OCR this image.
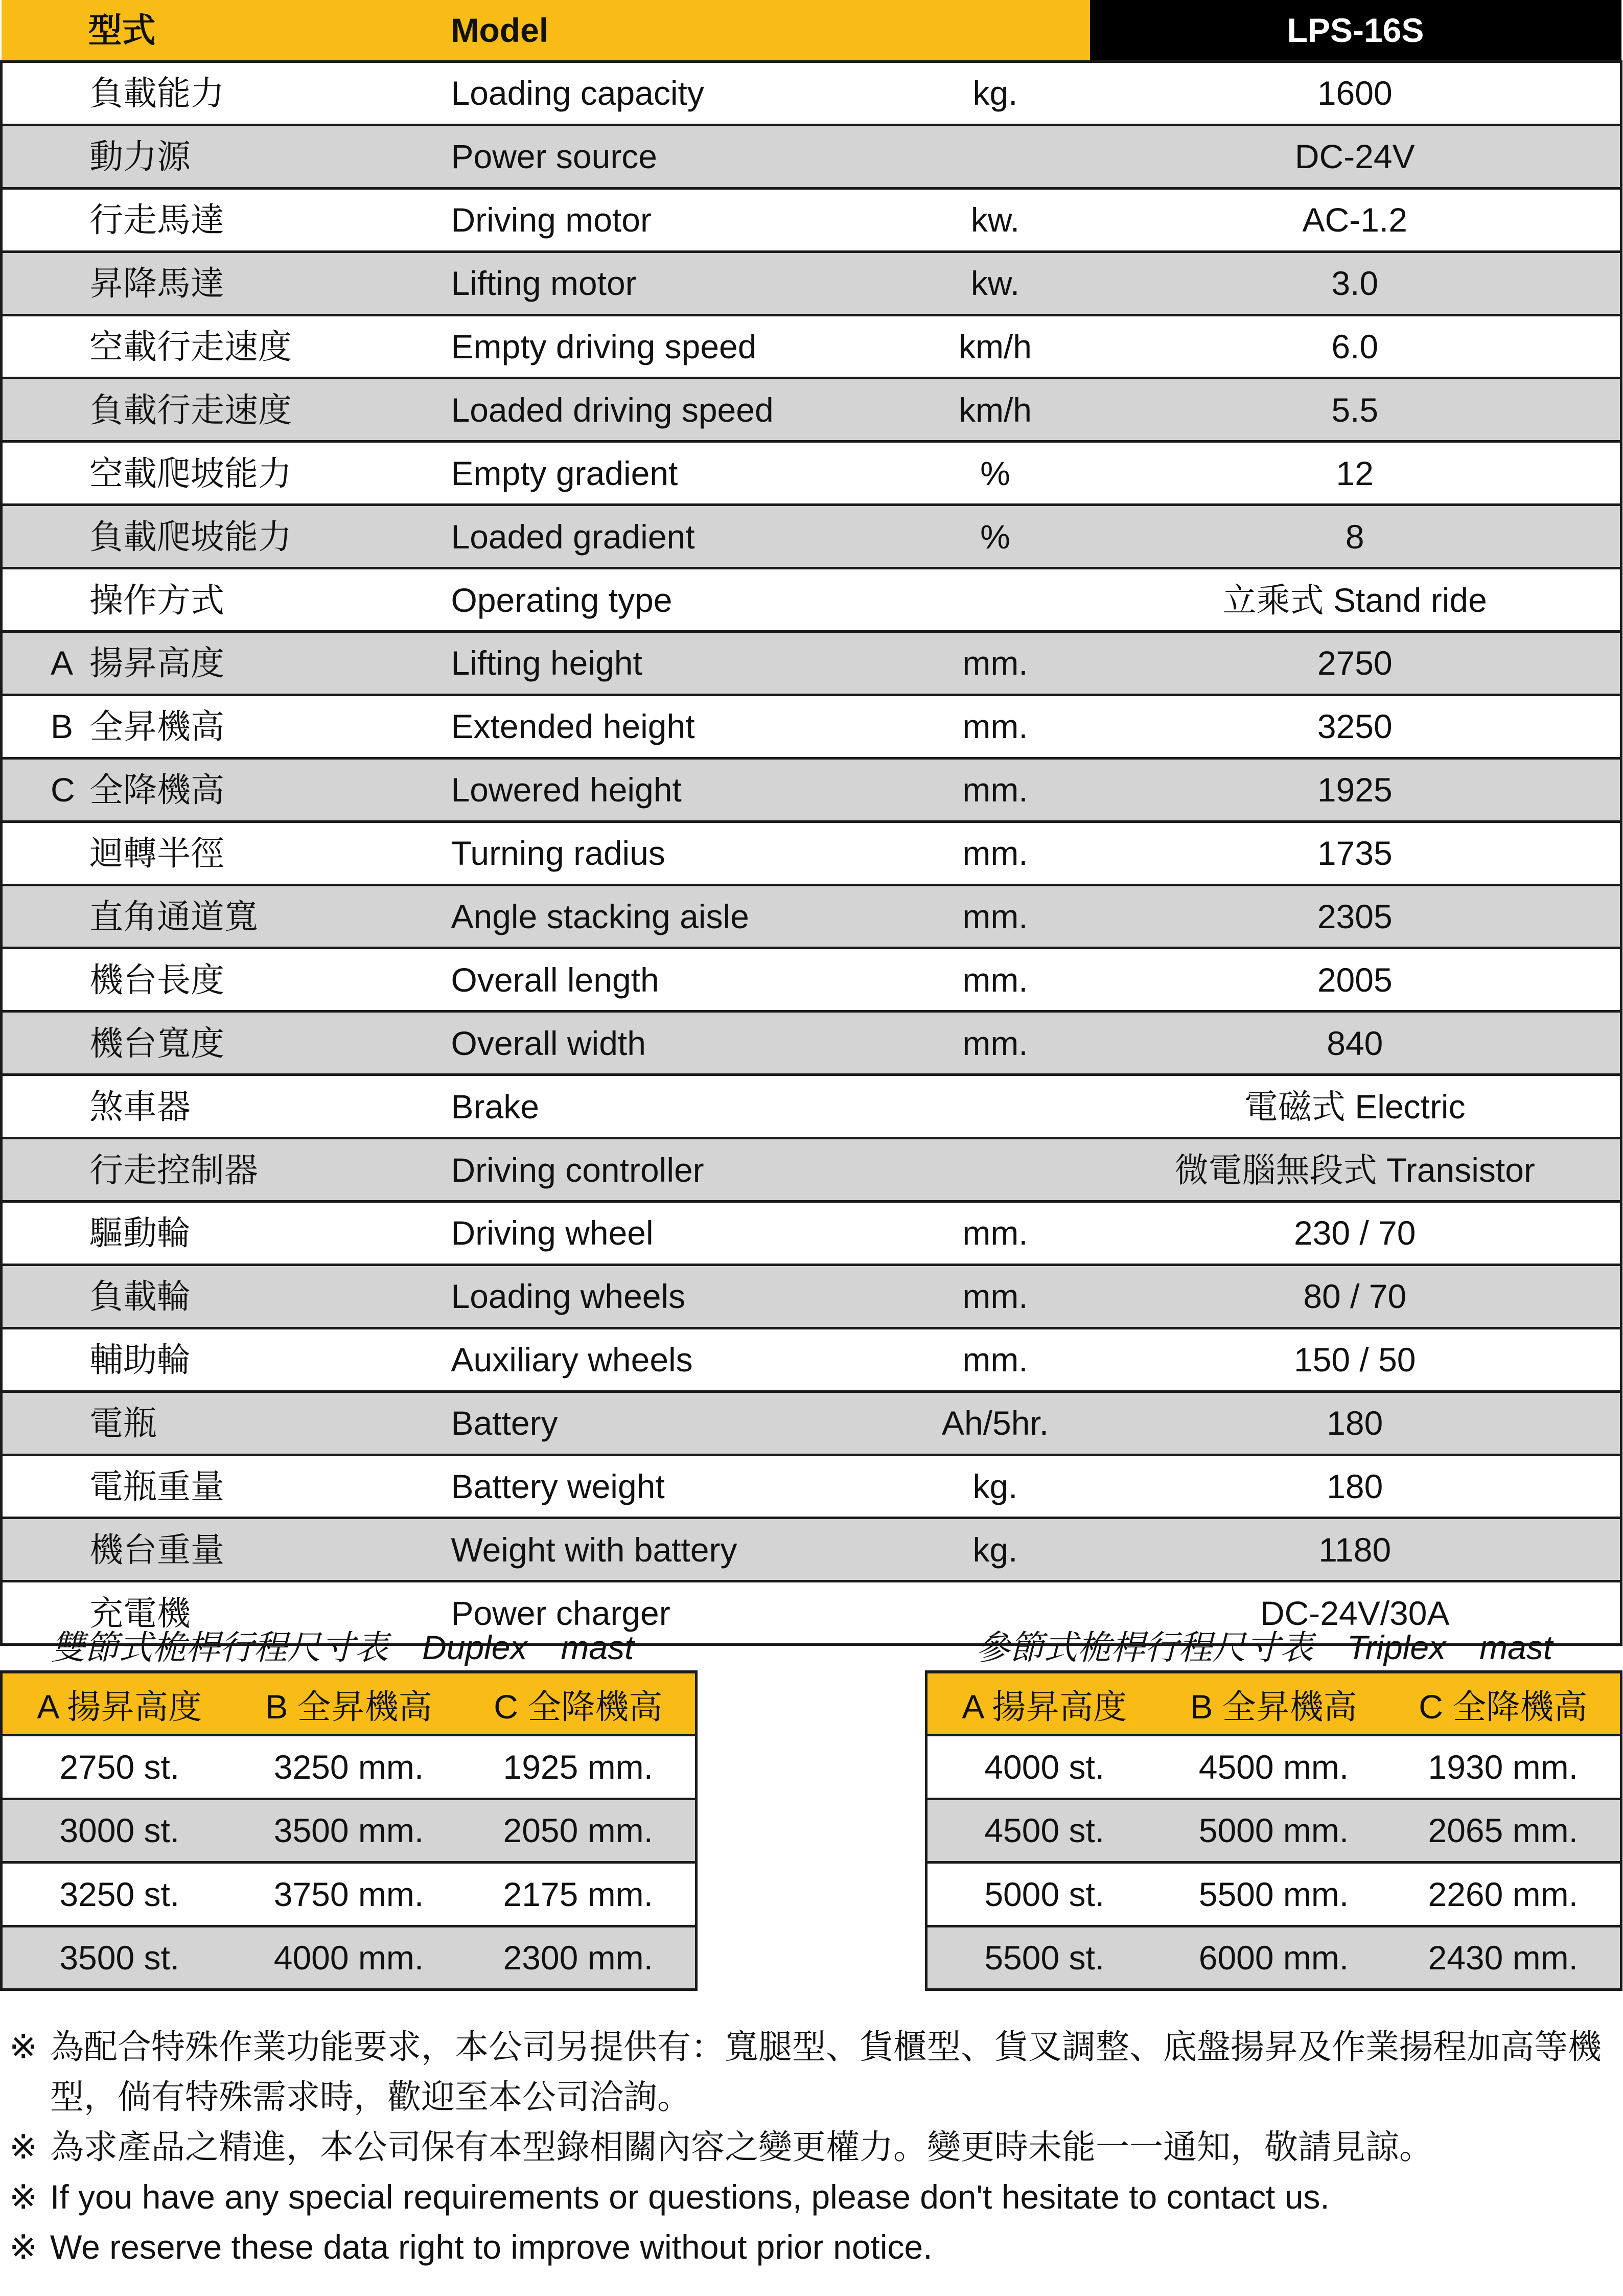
型式	Model		LPS-16S
負載能力	Loading capacity	kg.	1600
動力源	Power source		DC-24V
行走馬達	Driving motor	kw.	AC-1.2
昇降馬達	Lifting motor	kw.	3.0
空載行走速度	Empty driving speed	km/h	6.0
負載行走速度	Loaded driving speed	km/h	5.5
空載爬坡能力	Empty gradient	%	12
負載爬坡能力	Loaded gradient	%	8
操作方式	Operating type		立乘式 Stand ride
A 揚昇高度	Lifting height	mm.	2750
B 全昇機高	Extended height	mm.	3250
C 全降機高	Lowered height	mm.	1925
迴轉半徑	Turning radius	mm.	1735
直角通道寬	Angle stacking aisle	mm.	2305
機台長度	Overall length	mm.	2005
機台寬度	Overall width	mm.	840
煞車器	Brake		電磁式 Electric
行走控制器	Driving controller		微電腦無段式 Transistor
驅動輪	Driving wheel	mm.	230 / 70
負載輪	Loading wheels	mm.	80 / 70
輔助輪	Auxiliary wheels	mm.	150 / 50
電瓶	Battery	Ah/5hr.	180
電瓶重量	Battery weight	kg.	180
機台重量	Weight with battery	kg.	1180
充電機	Power charger		DC-24V/30A
雙節式桅桿行程尺寸表　Duplex　mast
A 揚昇高度	B 全昇機高	C 全降機高
2750 st.	3250 mm.	1925 mm.
3000 st.	3500 mm.	2050 mm.
3250 st.	3750 mm.	2175 mm.
3500 st.	4000 mm.	2300 mm.
參節式桅桿行程尺寸表　Triplex　mast
A 揚昇高度	B 全昇機高	C 全降機高
4000 st.	4500 mm.	1930 mm.
4500 st.	5000 mm.	2065 mm.
5000 st.	5500 mm.	2260 mm.
5500 st.	6000 mm.	2430 mm.
※ 為配合特殊作業功能要求，本公司另提供有：寬腿型、貨櫃型、貨叉調整、底盤揚昇及作業揚程加高等機型，倘有特殊需求時，歡迎至本公司洽詢。
※ 為求產品之精進，本公司保有本型錄相關內容之變更權力。變更時未能一一通知，敬請見諒。
※ If you have any special requirements or questions, please don't hesitate to contact us.
※ We reserve these data right to improve without prior notice.
